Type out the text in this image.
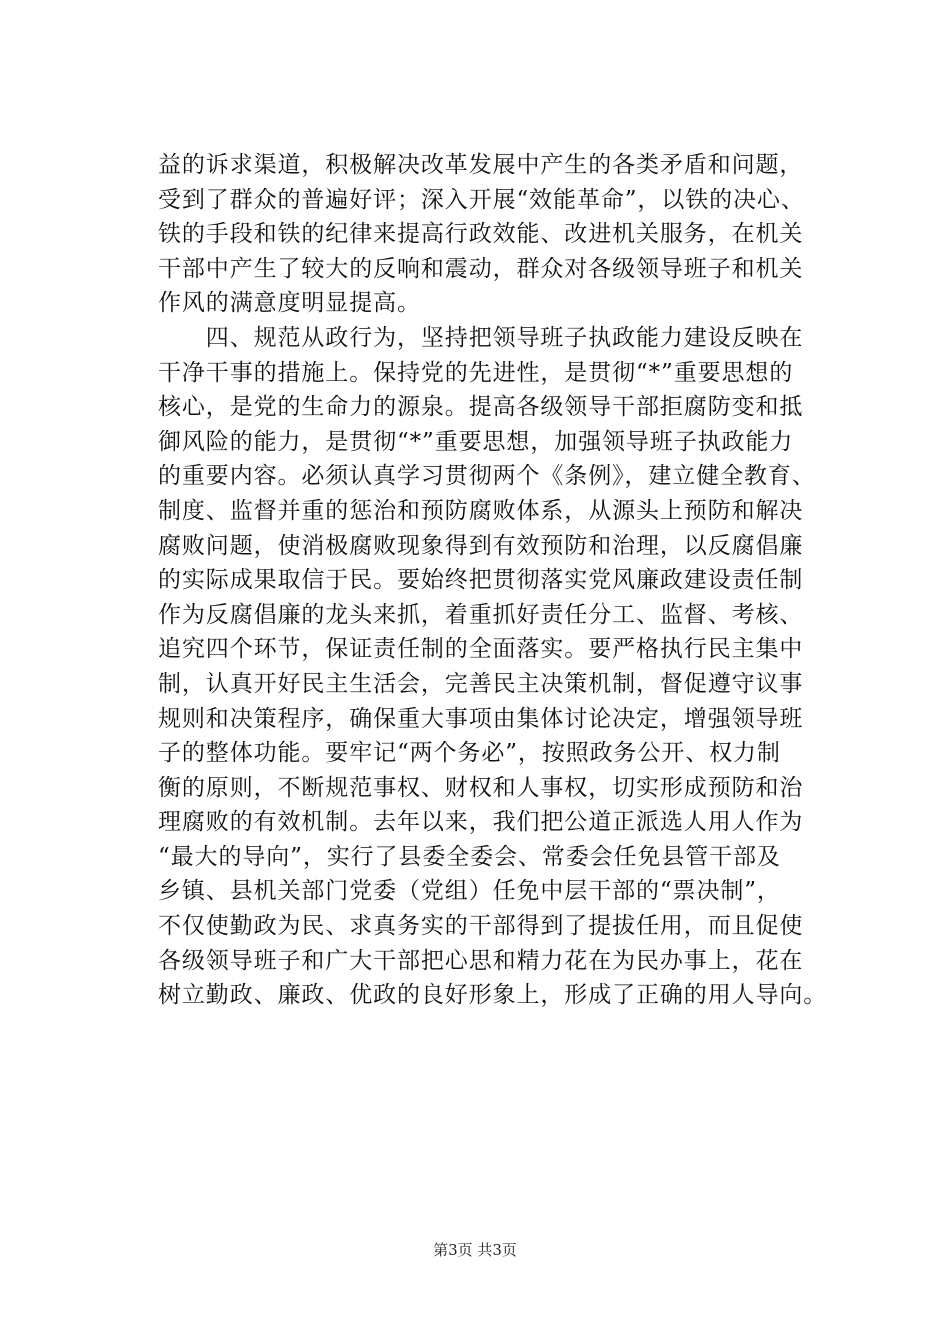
益的诉求渠道，积极解决改革发展中产生的各类矛盾和问题，
受到了群众的普遍好评；深入开展“效能革命”，以铁的决心、
铁的手段和铁的纪律来提高行政效能、改进机关服务，在机关
干部中产生了较大的反响和震动，群众对各级领导班子和机关
作风的满意度明显提高。
　　四、规范从政行为，坚持把领导班子执政能力建设反映在
干净干事的措施上。保持党的先进性，是贯彻“*”重要思想的
核心，是党的生命力的源泉。提高各级领导干部拒腐防变和抵
御风险的能力，是贯彻“*”重要思想，加强领导班子执政能力
的重要内容。必须认真学习贯彻两个《条例》，建立健全教育、
制度、监督并重的惩治和预防腐败体系，从源头上预防和解决
腐败问题，使消极腐败现象得到有效预防和治理，以反腐倡廉
的实际成果取信于民。要始终把贯彻落实党风廉政建设责任制
作为反腐倡廉的龙头来抓，着重抓好责任分工、监督、考核、
追究四个环节，保证责任制的全面落实。要严格执行民主集中
制，认真开好民主生活会，完善民主决策机制，督促遵守议事
规则和决策程序，确保重大事项由集体讨论决定，增强领导班
子的整体功能。要牢记“两个务必”，按照政务公开、权力制
衡的原则，不断规范事权、财权和人事权，切实形成预防和治
理腐败的有效机制。去年以来，我们把公道正派选人用人作为
“最大的导向”，实行了县委全委会、常委会任免县管干部及
乡镇、县机关部门党委（党组）任免中层干部的“票决制”，
不仅使勤政为民、求真务实的干部得到了提拔任用，而且促使
各级领导班子和广大干部把心思和精力花在为民办事上，花在
树立勤政、廉政、优政的良好形象上，形成了正确的用人导向。
第3页 共3页
